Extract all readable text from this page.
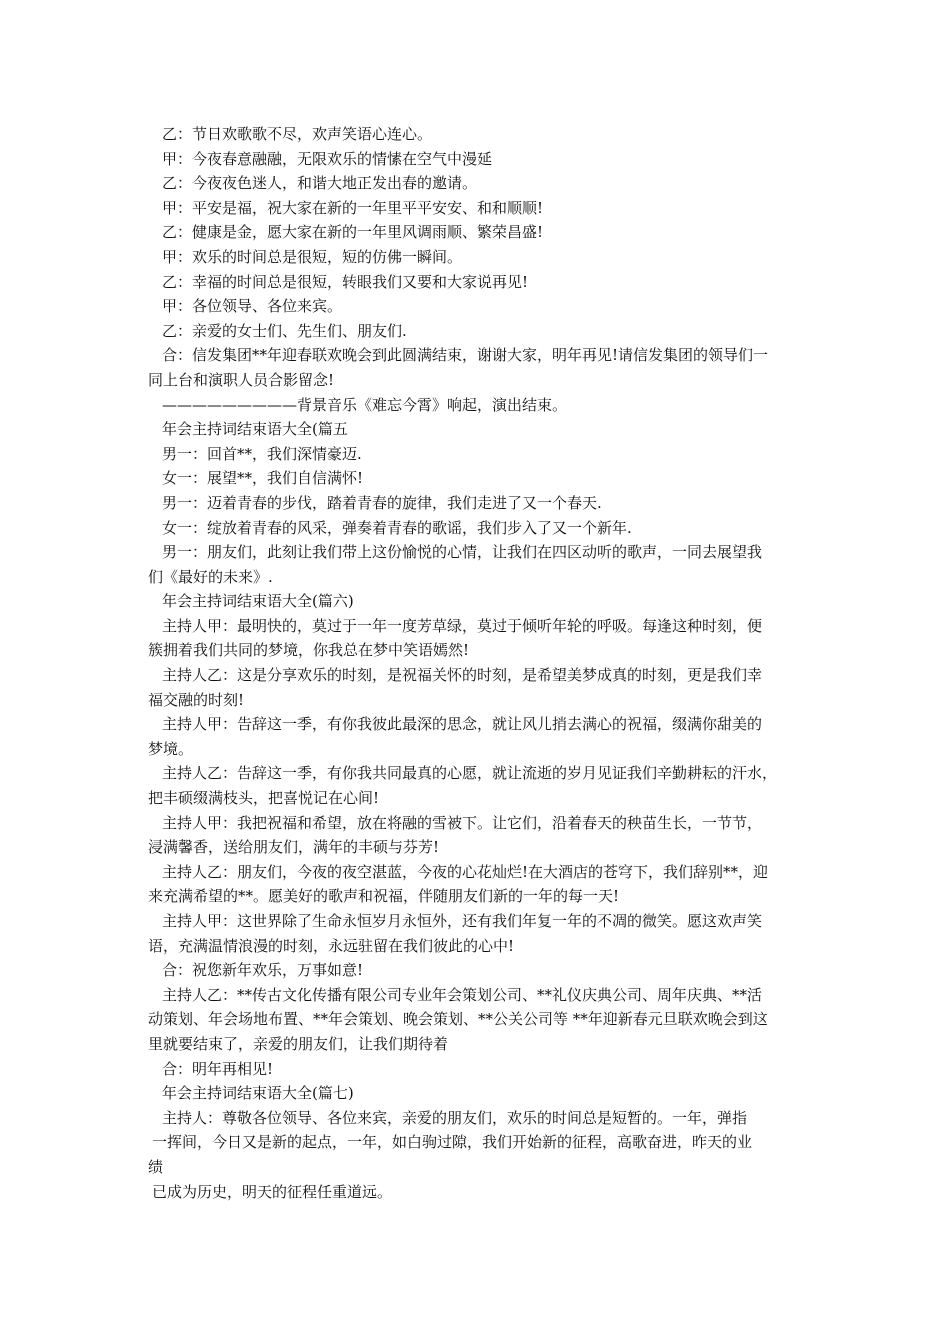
乙：节日欢歌歌不尽，欢声笑语心连心。
甲：今夜春意融融，无限欢乐的情愫在空气中漫延
乙：今夜夜色迷人，和谐大地正发出春的邀请。
甲：平安是福，祝大家在新的一年里平平安安、和和顺顺!
乙：健康是金，愿大家在新的一年里风调雨顺、繁荣昌盛!
甲：欢乐的时间总是很短，短的仿佛一瞬间。
乙：幸福的时间总是很短，转眼我们又要和大家说再见!
甲：各位领导、各位来宾。
乙：亲爱的女士们、先生们、朋友们.
合：信发集团**年迎春联欢晚会到此圆满结束，谢谢大家，明年再见!请信发集团的领导们一
同上台和演职人员合影留念!
—————————背景音乐《难忘今霄》响起，演出结束。
年会主持词结束语大全(篇五
男一：回首**，我们深情豪迈.
女一：展望**，我们自信满怀!
男一：迈着青春的步伐，踏着青春的旋律，我们走进了又一个春天.
女一：绽放着青春的风采，弹奏着青春的歌谣，我们步入了又一个新年.
男一：朋友们，此刻让我们带上这份愉悦的心情，让我们在四区动听的歌声，一同去展望我
们《最好的未来》.
年会主持词结束语大全(篇六)
主持人甲：最明快的，莫过于一年一度芳草绿，莫过于倾听年轮的呼吸。每逢这种时刻，便
簇拥着我们共同的梦境，你我总在梦中笑语嫣然!
主持人乙：这是分享欢乐的时刻，是祝福关怀的时刻，是希望美梦成真的时刻，更是我们幸
福交融的时刻!
主持人甲：告辞这一季，有你我彼此最深的思念，就让风儿捎去满心的祝福，缀满你甜美的
梦境。
主持人乙：告辞这一季，有你我共同最真的心愿，就让流逝的岁月见证我们辛勤耕耘的汗水，
把丰硕缀满枝头，把喜悦记在心间!
主持人甲：我把祝福和希望，放在将融的雪被下。让它们，沿着春天的秧苗生长，一节节，
浸满馨香，送给朋友们，满年的丰硕与芬芳!
主持人乙：朋友们，今夜的夜空湛蓝，今夜的心花灿烂!在大酒店的苍穹下，我们辞别**，迎
来充满希望的**。愿美好的歌声和祝福，伴随朋友们新的一年的每一天!
主持人甲：这世界除了生命永恒岁月永恒外，还有我们年复一年的不凋的微笑。愿这欢声笑
语，充满温情浪漫的时刻，永远驻留在我们彼此的心中!
合：祝您新年欢乐，万事如意!
主持人乙：**传古文化传播有限公司专业年会策划公司、**礼仪庆典公司、周年庆典、**活
动策划、年会场地布置、**年会策划、晚会策划、**公关公司等 **年迎新春元旦联欢晚会到这
里就要结束了，亲爱的朋友们，让我们期待着
合：明年再相见!
年会主持词结束语大全(篇七)
主持人：尊敬各位领导、各位来宾，亲爱的朋友们，欢乐的时间总是短暂的。一年，弹指
一挥间，今日又是新的起点，一年，如白驹过隙，我们开始新的征程，高歌奋进，昨天的业
绩
已成为历史，明天的征程任重道远。
